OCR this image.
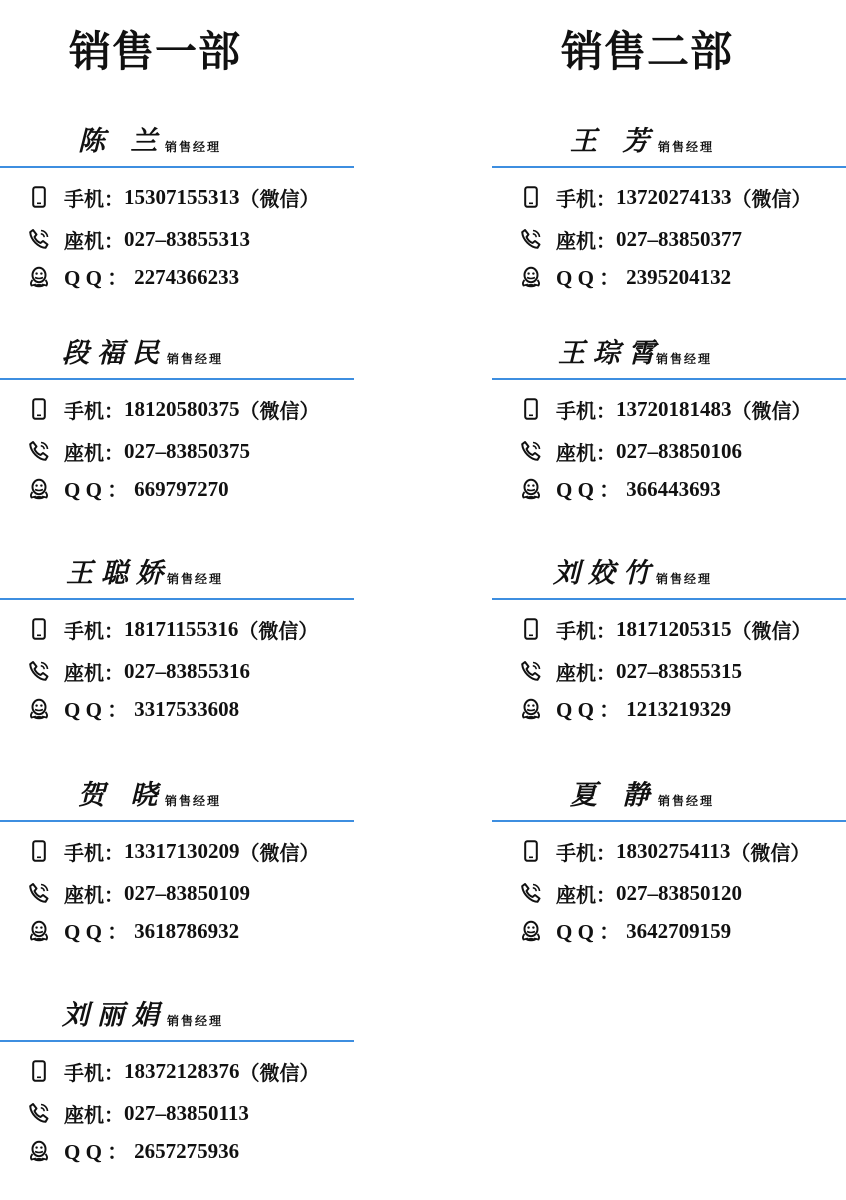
销售一部	销售二部
陈 兰 销售经理
手机： 15307155313 （微信）
座机： 027–83855313
Q Q ： 2274366233
段福民 销售经理
手机： 18120580375 （微信）
座机： 027–83850375
Q Q ： 669797270
王聪娇
销售经理
手机： 18171155316 （微信）
座机： 027–83855316
Q Q ： 3317533608
贺 晓 销售经理
手机： 13317130209 （微信）
座机： 027–83850109
Q Q ： 3618786932
刘丽娟 销售经理
手机： 18372128376 （微信）
座机： 027–83850113
Q Q ： 2657275936
王 芳 销售经理
手机： 13720274133 （微信）
座机： 027–83850377
Q Q ： 2395204132
王琮霄
销售经理
手机： 13720181483 （微信）
座机： 027–83850106
Q Q ： 366443693
刘姣竹
销售经理
手机： 18171205315 （微信）
座机： 027–83855315
Q Q ： 1213219329
夏 静 销售经理
手机： 18302754113 （微信）
座机： 027–83850120
Q Q ： 3642709159
